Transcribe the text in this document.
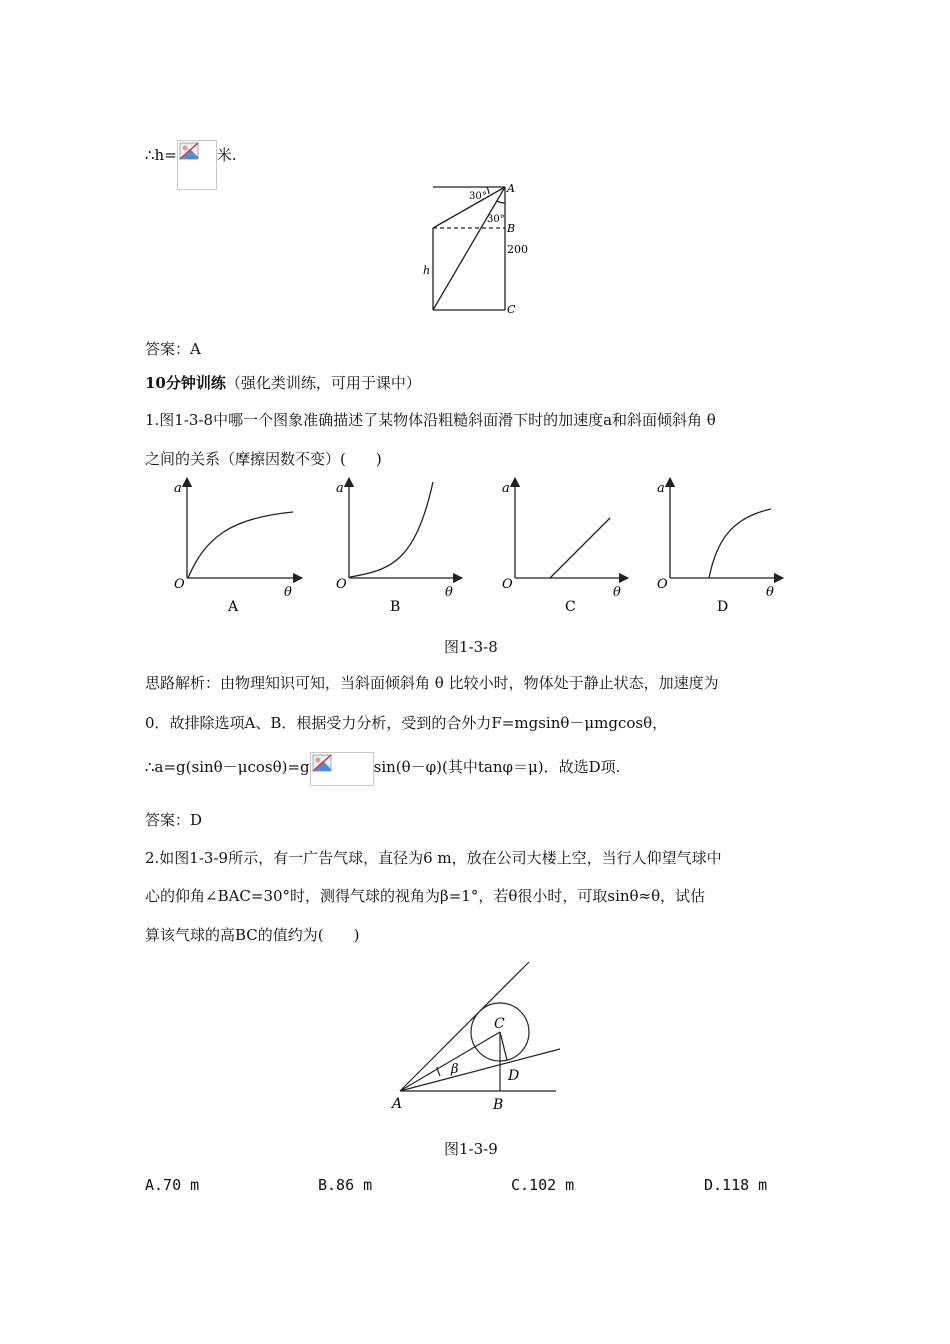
∴h=	米.
30°
30°
A
B
200
C
h
答案：A
10分钟训练（强化类训练，可用于课中）
1.图1-3-8中哪一个图象准确描述了某物体沿粗糙斜面滑下时的加速度a和斜面倾斜角 θ
之间的关系（摩擦因数不变）(　　)
a
O
θ
A
a
O
θ
B
a
O
θ
C
a
O
θ
D
图1-3-8
思路解析：由物理知识可知，当斜面倾斜角 θ 比较小时，物体处于静止状态，加速度为
0．故排除选项A、B．根据受力分析，受到的合外力F=mgsinθ－μmgcosθ，
∴a=g(sinθ－μcosθ)=g	sin(θ－φ)(其中tanφ＝μ)．故选D项.
答案：D
2.如图1-3-9所示，有一广告气球，直径为6 m，放在公司大楼上空，当行人仰望气球中
心的仰角∠BAC=30°时，测得气球的视角为β=1°，若θ很小时，可取sinθ≈θ，试估
算该气球的高BC的值约为(　　)
A	B
C
D
β
图1-3-9
A.70 m	B.86 m	C.102 m	D.118 m
